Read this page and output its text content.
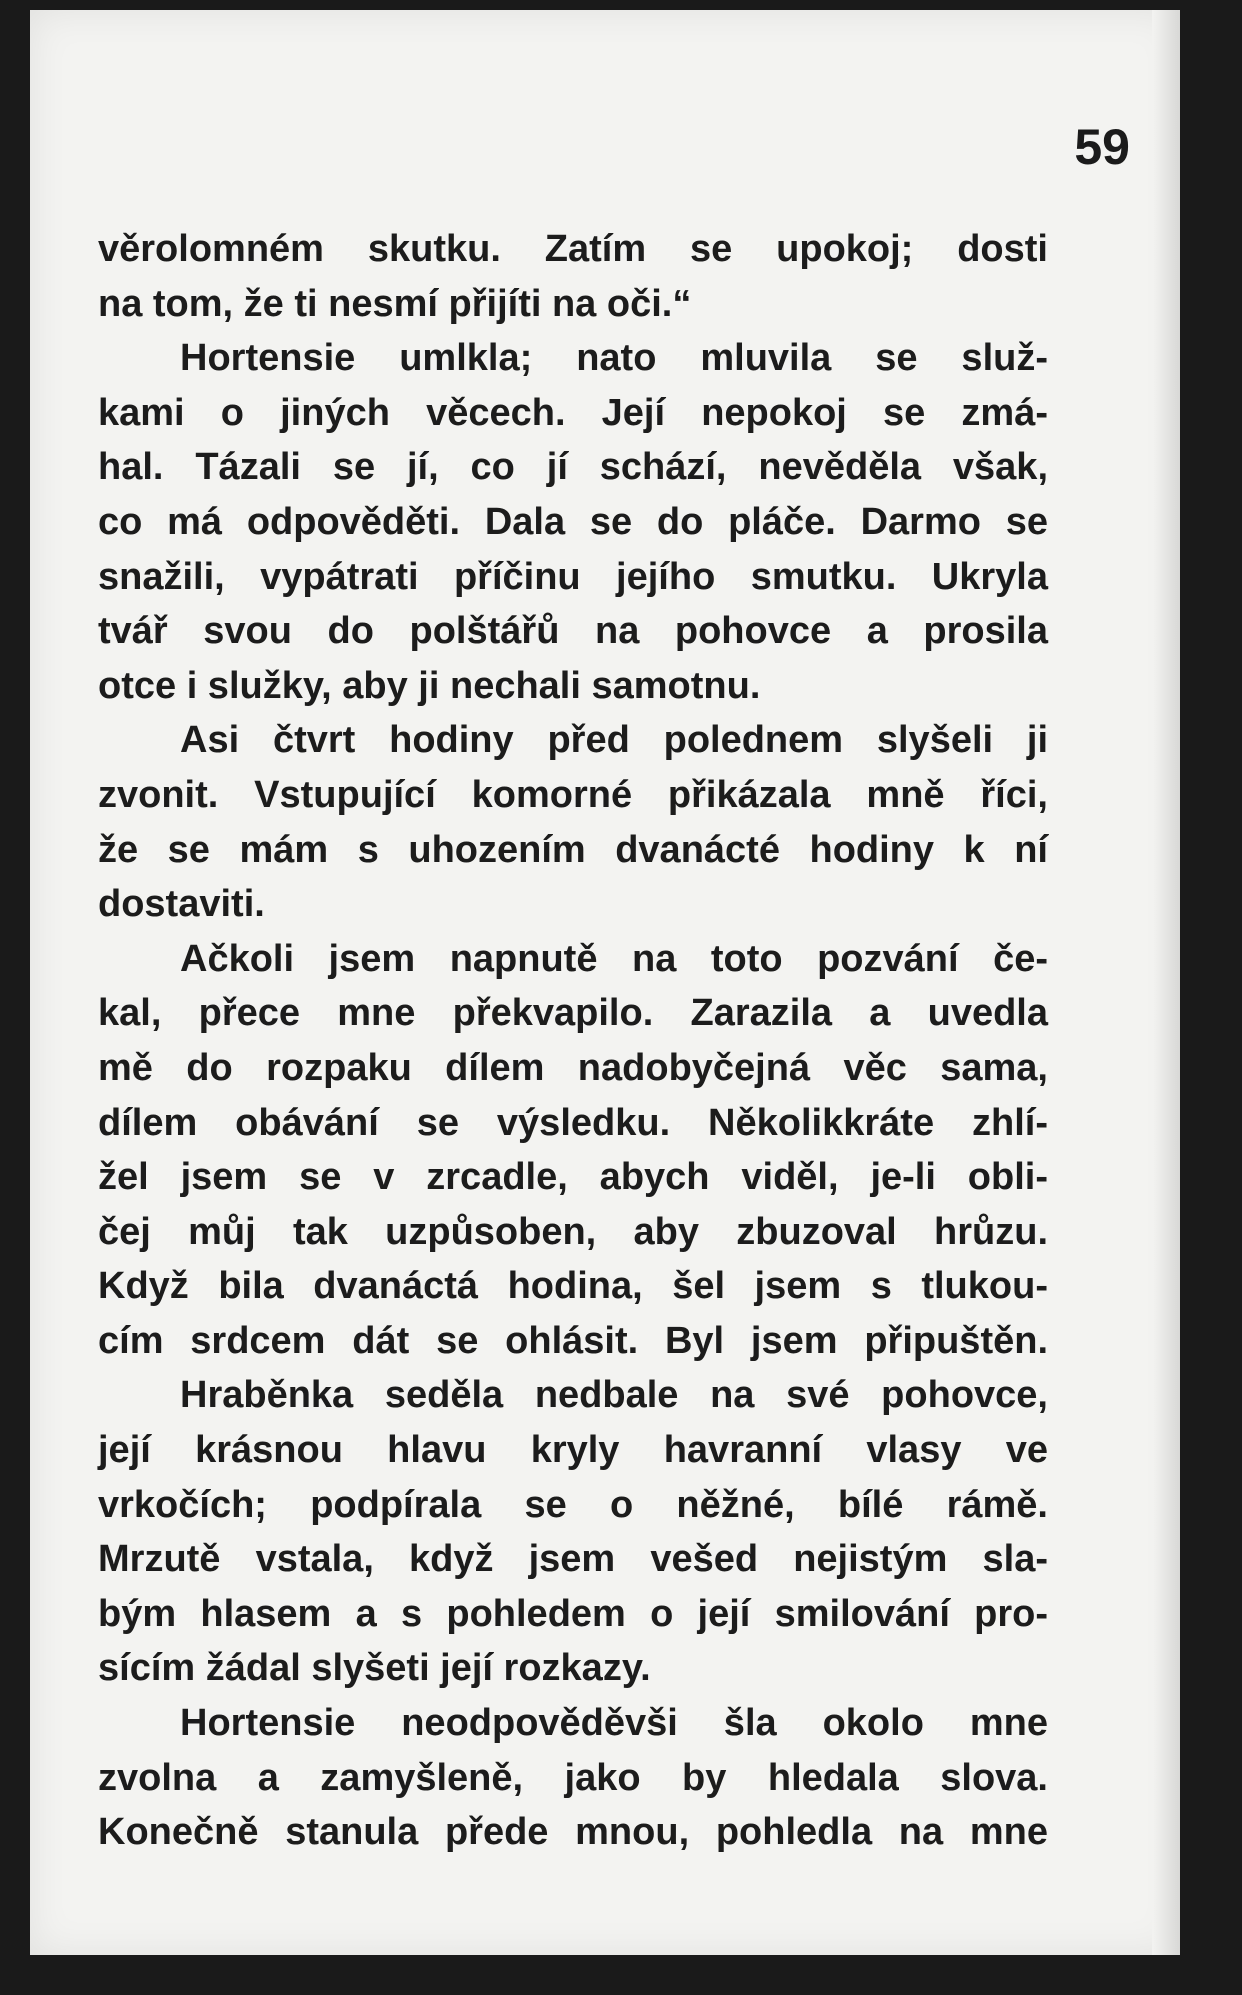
59

věrolomném skutku. Zatím se upokoj; dosti

na tom, že ti nesmí přijíti na oči.“

Hortensie umlkla; nato mluvila se služ-

kami o jiných věcech. Její nepokoj se zmá-

hal. Tázali se jí, co jí schází, nevěděla však,

co má odpověděti. Dala se do pláče. Darmo se

snažili, vypátrati příčinu jejího smutku. Ukryla

tvář svou do polštářů na pohovce a prosila

otce i služky, aby ji nechali samotnu.

Asi čtvrt hodiny před polednem slyšeli ji

zvonit. Vstupující komorné přikázala mně říci,

že se mám s uhozením dvanácté hodiny k ní

dostaviti.

Ačkoli jsem napnutě na toto pozvání če-

kal, přece mne překvapilo. Zarazila a uvedla

mě do rozpaku dílem nadobyčejná věc sama,

dílem obávání se výsledku. Několikkráte zhlí-

žel jsem se v zrcadle, abych viděl, je-li obli-

čej můj tak uzpůsoben, aby zbuzoval hrůzu.

Když bila dvanáctá hodina, šel jsem s tlukou-

cím srdcem dát se ohlásit. Byl jsem připuštěn.

Hraběnka seděla nedbale na své pohovce,

její krásnou hlavu kryly havranní vlasy ve

vrkočích; podpírala se o něžné, bílé rámě.

Mrzutě vstala, když jsem vešed nejistým sla-

bým hlasem a s pohledem o její smilování pro-

sícím žádal slyšeti její rozkazy.

Hortensie neodpověděvši šla okolo mne

zvolna a zamyšleně, jako by hledala slova.

Konečně stanula přede mnou, pohledla na mne
